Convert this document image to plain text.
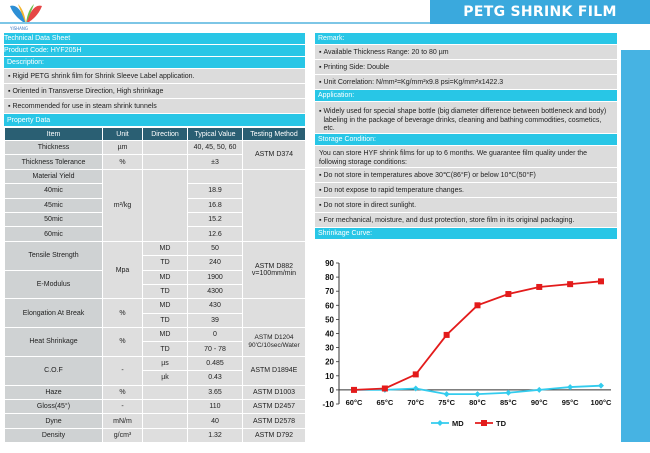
YISHANG
PETG SHRINK FILM
Technical Data Sheet
Product Code: HYF205H
Description:
▪ Rigid PETG shrink film for Shrink Sleeve Label application.
▪ Oriented in Transverse Direction, High shrinkage
▪ Recommended for use in steam shrink tunnels
Property Data
Item	Unit	Direction	Typical Value	Testing Method
Thickness	µm		40, 45, 50, 60	ASTM D374
Thickness Tolerance	%		±3	
Material Yield	m²/kg			
40mic			18.9	
45mic			16.8	
50mic			15.2	
60mic			12.6	
Tensile Strength	Mpa	MD	50	ASTM D882 v=100mm/min
		TD	240	
E-Modulus		MD	1900	
		TD	4300	
Elongation At Break	%	MD	430	
		TD	39	
Heat Shrinkage	%	MD	0	ASTM D1204 90'C/10sec/Water
		TD	70 - 78	
C.O.F	-	µs	0.485	ASTM D1894E
		µk	0.43	
Haze	%		3.65	ASTM D1003
Gloss(45°)	-		110	ASTM D2457
Dyne	mN/m		40	ASTM D2578
Density	g/cm³		1.32	ASTM D792
Remark:
▪ Available Thickness Range: 20 to 80 µm
▪ Printing Side: Double
▪ Unit Correlation: N/mm²=Kg/mm²x9.8 psi=Kg/mm²x1422.3
Application:
▪ Widely used for special shape bottle (big diameter difference between bottleneck and body) labeling in the package of beverage drinks, cleaning and bathing commodities, cosmetics, etc.
Storage Condition:
You can store HYF shrink films for up to 6 months. We guarantee film quality under the following storage conditions:
▪ Do not store in temperatures above 30℃(86°F) or below 10℃(50°F)
▪ Do not expose to rapid temperature changes.
▪ Do not store in direct sunlight.
▪ For mechanical, moisture, and dust protection, store film in its original packaging.
Shrinkage Curve:
90
80
70
60
50
40
30
20
10
0
-10 60°C 65°C 70°C 75°C 80°C 85°C 90°C 95°C 100°C
MD	TD
